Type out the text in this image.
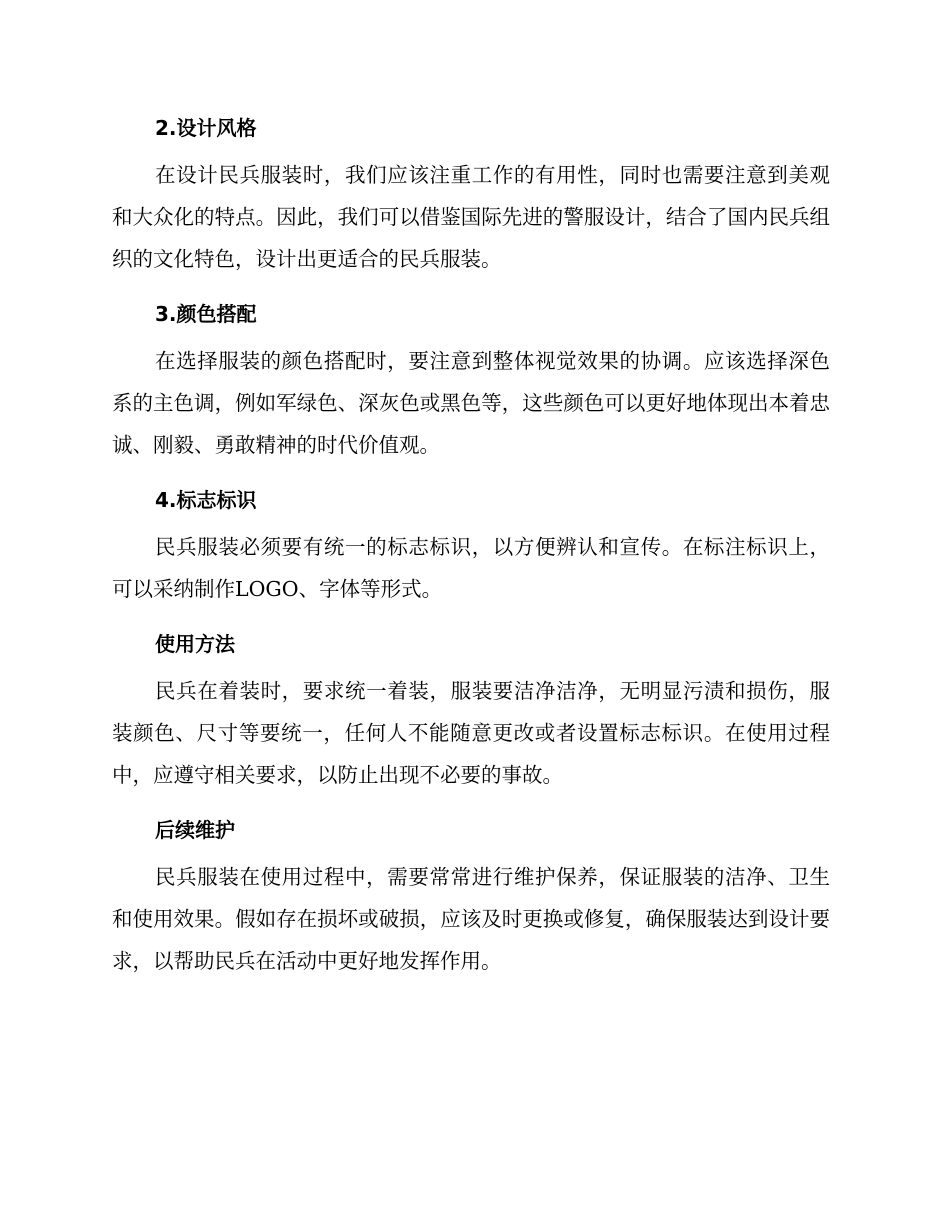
2.设计风格

在设计民兵服装时，我们应该注重工作的有用性，同时也需要注意到美观和大众化的特点。因此，我们可以借鉴国际先进的警服设计，结合了国内民兵组织的文化特色，设计出更适合的民兵服装。

3.颜色搭配

在选择服装的颜色搭配时，要注意到整体视觉效果的协调。应该选择深色系的主色调，例如军绿色、深灰色或黑色等，这些颜色可以更好地体现出本着忠诚、刚毅、勇敢精神的时代价值观。

4.标志标识

民兵服装必须要有统一的标志标识，以方便辨认和宣传。在标注标识上，可以采纳制作LOGO、字体等形式。

使用方法

民兵在着装时，要求统一着装，服装要洁净洁净，无明显污渍和损伤，服装颜色、尺寸等要统一，任何人不能随意更改或者设置标志标识。在使用过程中，应遵守相关要求，以防止出现不必要的事故。

后续维护

民兵服装在使用过程中，需要常常进行维护保养，保证服装的洁净、卫生和使用效果。假如存在损坏或破损，应该及时更换或修复，确保服装达到设计要求，以帮助民兵在活动中更好地发挥作用。
